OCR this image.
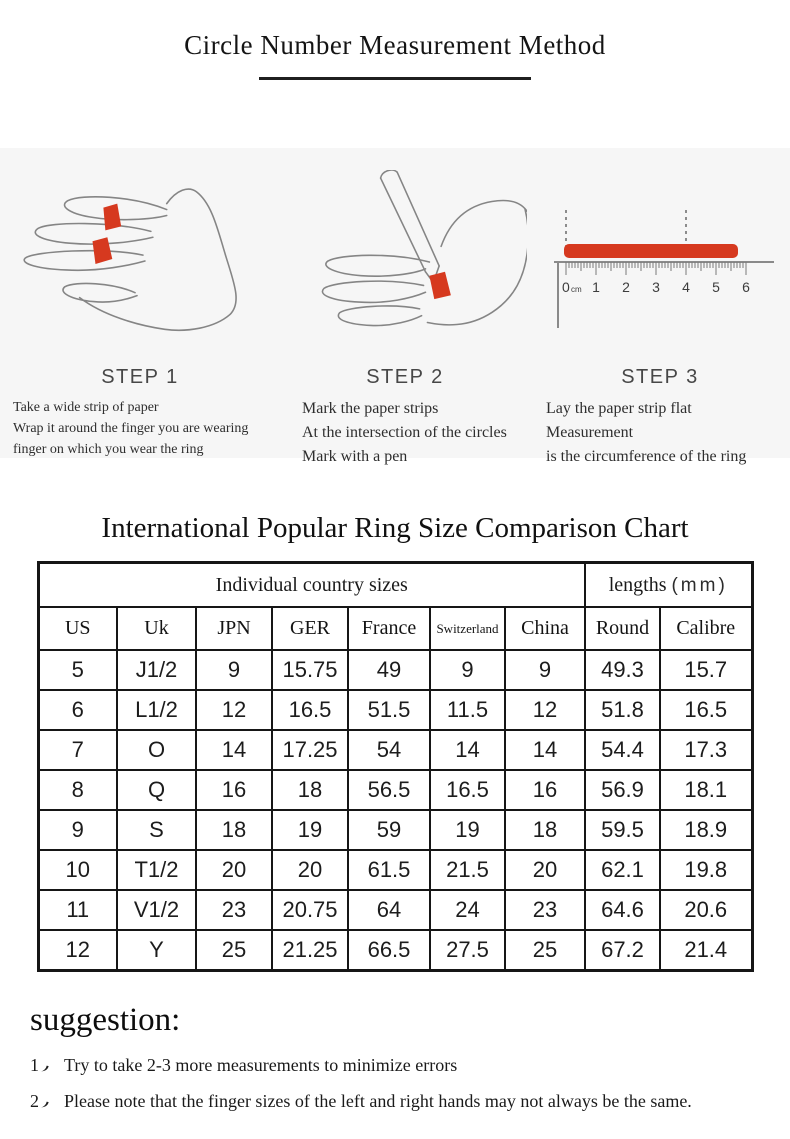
Circle Number Measurement Method
STEP 1
Take a wide strip of paper
Wrap it around the finger you are wearing
finger on which you wear the ring
STEP 2
Mark the paper strips
At the intersection of the circles
Mark with a pen
0 cm 1 2 3 4 5 6
STEP 3
Lay the paper strip flat
Measurement
is the circumference of the ring
International Popular Ring Size Comparison Chart
Individual country sizes							lengths (mm)	
US	Uk	JPN	GER	France	Switzerland	China	Round	Calibre
5	J1/2	9	15.75	49	9	9	49.3	15.7
6	L1/2	12	16.5	51.5	11.5	12	51.8	16.5
7	O	14	17.25	54	14	14	54.4	17.3
8	Q	16	18	56.5	16.5	16	56.9	18.1
9	S	18	19	59	19	18	59.5	18.9
10	T1/2	20	20	61.5	21.5	20	62.1	19.8
11	V1/2	23	20.75	64	24	23	64.6	20.6
12	Y	25	21.25	66.5	27.5	25	67.2	21.4
suggestion:
1	Try to take 2-3 more measurements to minimize errors
2	Please note that the finger sizes of the left and right hands may not always be the same.
